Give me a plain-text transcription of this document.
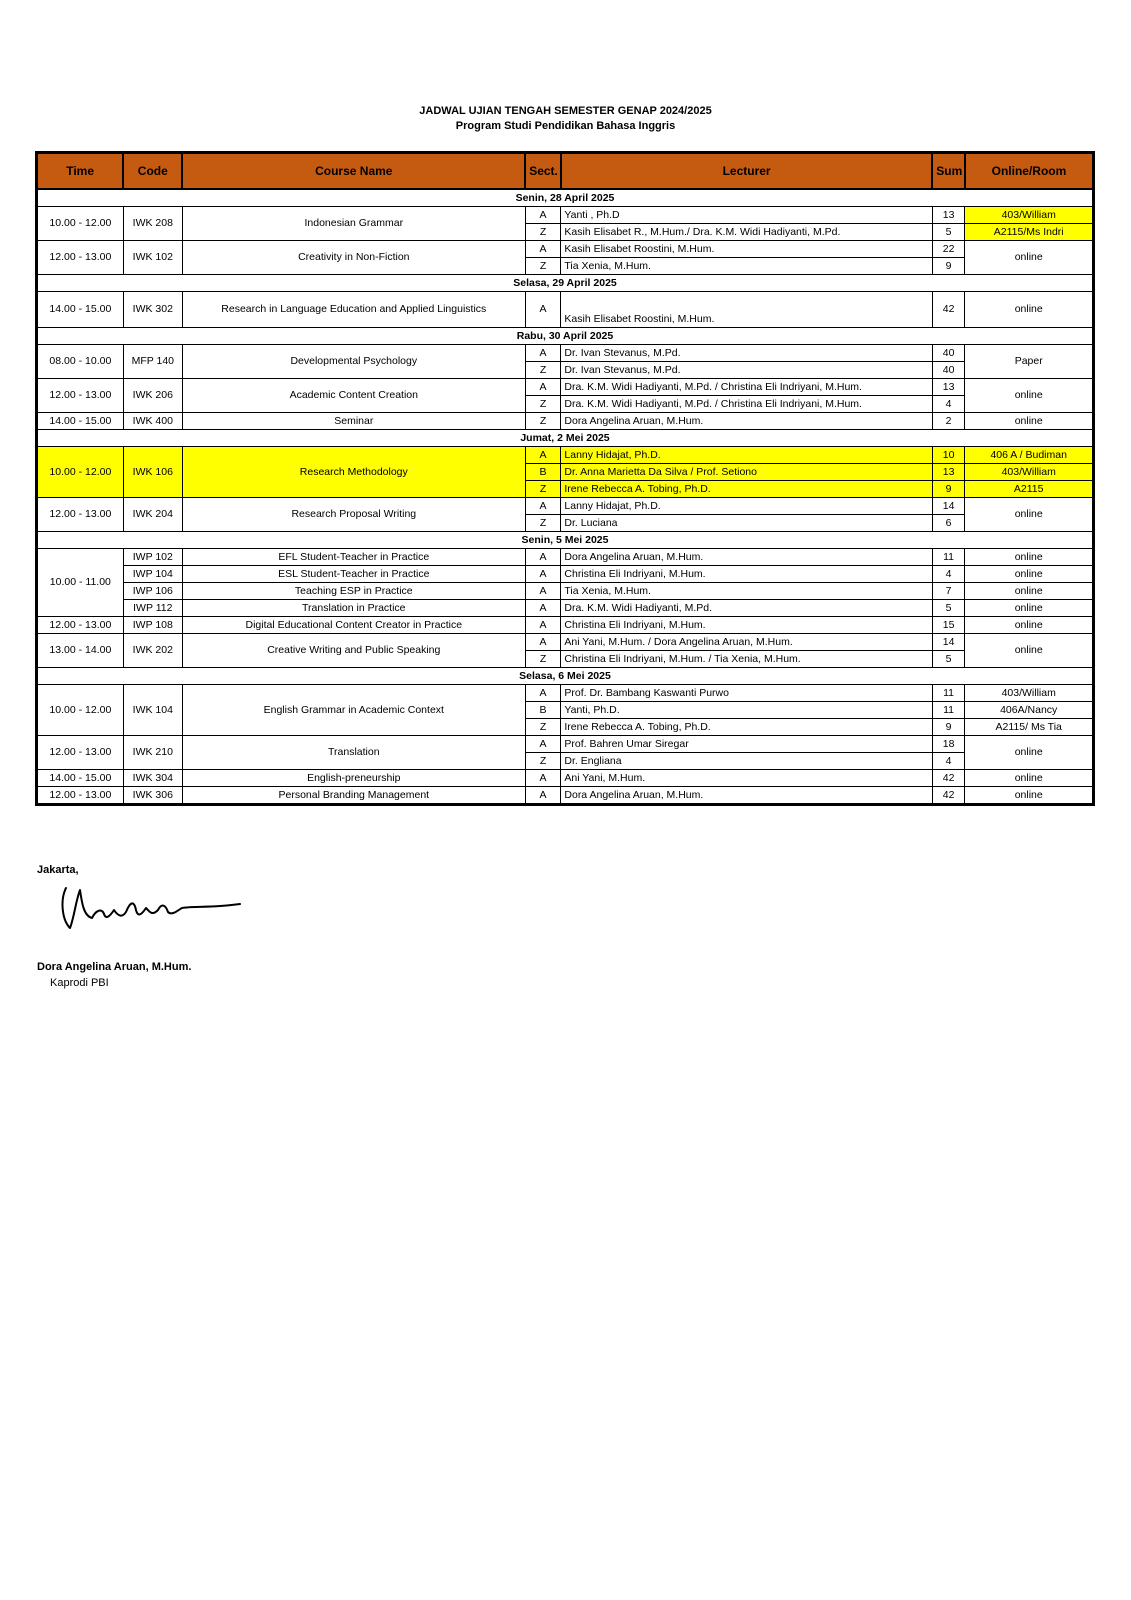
JADWAL UJIAN TENGAH SEMESTER GENAP 2024/2025
Program Studi Pendidikan Bahasa Inggris
Time	Code	Course Name	Sect.	Lecturer	Sum	Online/Room
Senin, 28 April 2025						
10.00 - 12.00	IWK 208	Indonesian Grammar	A	Yanti , Ph.D	13	403/William
			Z	Kasih Elisabet R., M.Hum./ Dra. K.M. Widi Hadiyanti, M.Pd.	5	A2115/Ms Indri
12.00 - 13.00	IWK 102	Creativity in Non-Fiction	A	Kasih Elisabet Roostini, M.Hum.	22	online
			Z	Tia Xenia, M.Hum.	9	
Selasa, 29 April 2025						
14.00 - 15.00	IWK 302	Research in Language Education and Applied Linguistics	A	Kasih Elisabet Roostini, M.Hum.	42	online
Rabu, 30 April 2025						
08.00 - 10.00	MFP 140	Developmental Psychology	A	Dr. Ivan Stevanus, M.Pd.	40	Paper
			Z	Dr. Ivan Stevanus, M.Pd.	40	
12.00 - 13.00	IWK 206	Academic Content Creation	A	Dra. K.M. Widi Hadiyanti, M.Pd. / Christina Eli Indriyani, M.Hum.	13	online
			Z	Dra. K.M. Widi Hadiyanti, M.Pd. / Christina Eli Indriyani, M.Hum.	4	
14.00 - 15.00	IWK 400	Seminar	Z	Dora Angelina Aruan, M.Hum.	2	online
Jumat, 2 Mei 2025						
10.00 - 12.00	IWK 106	Research Methodology	A	Lanny Hidajat, Ph.D.	10	406 A / Budiman
			B	Dr. Anna Marietta Da Silva / Prof. Setiono	13	403/William
			Z	Irene Rebecca A. Tobing, Ph.D.	9	A2115
12.00 - 13.00	IWK 204	Research Proposal Writing	A	Lanny Hidajat, Ph.D.	14	online
			Z	Dr. Luciana	6	
Senin, 5 Mei 2025						
10.00 - 11.00	IWP 102	EFL Student-Teacher in Practice	A	Dora Angelina Aruan, M.Hum.	11	online
	IWP 104	ESL Student-Teacher in Practice	A	Christina Eli Indriyani, M.Hum.	4	online
	IWP 106	Teaching ESP in Practice	A	Tia Xenia, M.Hum.	7	online
	IWP 112	Translation in Practice	A	Dra. K.M. Widi Hadiyanti, M.Pd.	5	online
12.00 - 13.00	IWP 108	Digital Educational Content Creator in Practice	A	Christina Eli Indriyani, M.Hum.	15	online
13.00 - 14.00	IWK 202	Creative Writing and Public Speaking	A	Ani Yani, M.Hum. / Dora Angelina Aruan, M.Hum.	14	online
			Z	Christina Eli Indriyani, M.Hum. / Tia Xenia, M.Hum.	5	
Selasa, 6 Mei 2025						
10.00 - 12.00	IWK 104	English Grammar in Academic Context	A	Prof. Dr. Bambang Kaswanti Purwo	11	403/William
			B	Yanti, Ph.D.	11	406A/Nancy
			Z	Irene Rebecca A. Tobing, Ph.D.	9	A2115/ Ms Tia
12.00 - 13.00	IWK 210	Translation	A	Prof. Bahren Umar Siregar	18	online
			Z	Dr. Engliana	4	
14.00 - 15.00	IWK 304	English-preneurship	A	Ani Yani, M.Hum.	42	online
12.00 - 13.00	IWK 306	Personal Branding Management	A	Dora Angelina Aruan, M.Hum.	42	online
Jakarta,
Dora Angelina Aruan, M.Hum.
Kaprodi PBI
